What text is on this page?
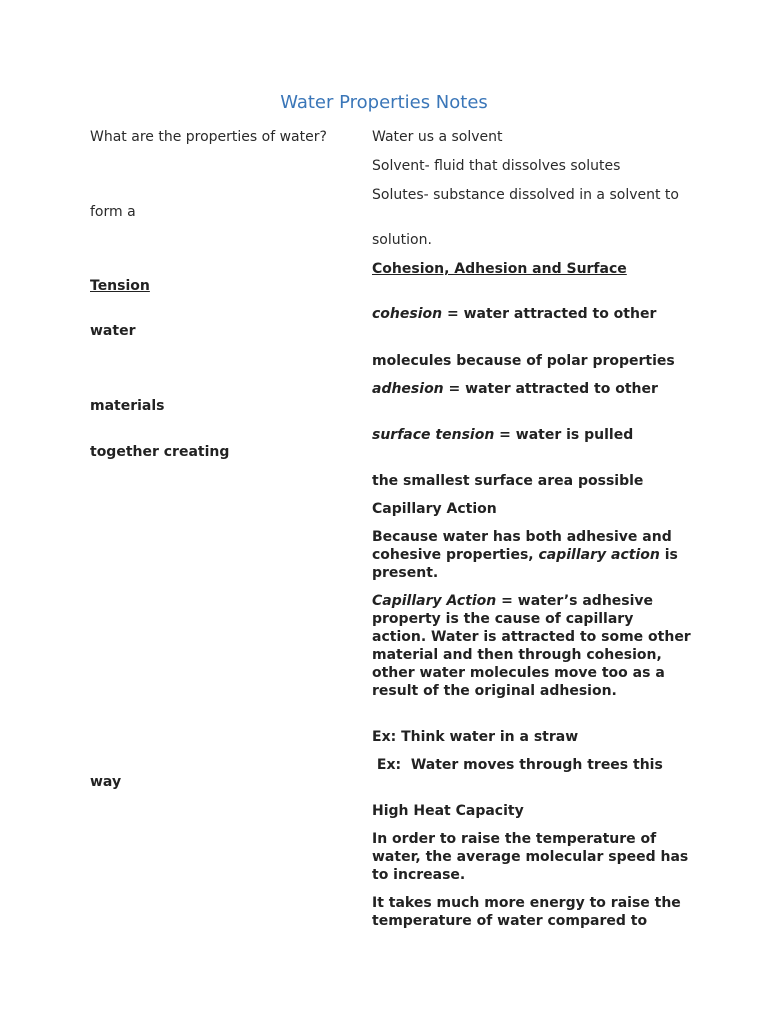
Water Properties Notes
What are the properties of water?	Water us a solvent
Solvent- fluid that dissolves solutes
Solutes- substance dissolved in a solvent to
form a
solution.
Cohesion, Adhesion and Surface
Tension
cohesion = water attracted to other
water
molecules because of polar properties
adhesion = water attracted to other
materials
surface tension = water is pulled
together creating
the smallest surface area possible
Capillary Action
Because water has both adhesive and cohesive properties, capillary action is present.
Capillary Action = water’s adhesive property is the cause of capillary action. Water is attracted to some other material and then through cohesion, other water molecules move too as a result of the original adhesion.
Ex: Think water in a straw
Ex:  Water moves through trees this
way
High Heat Capacity
In order to raise the temperature of water, the average molecular speed has to increase.
It takes much more energy to raise the temperature of water compared to
